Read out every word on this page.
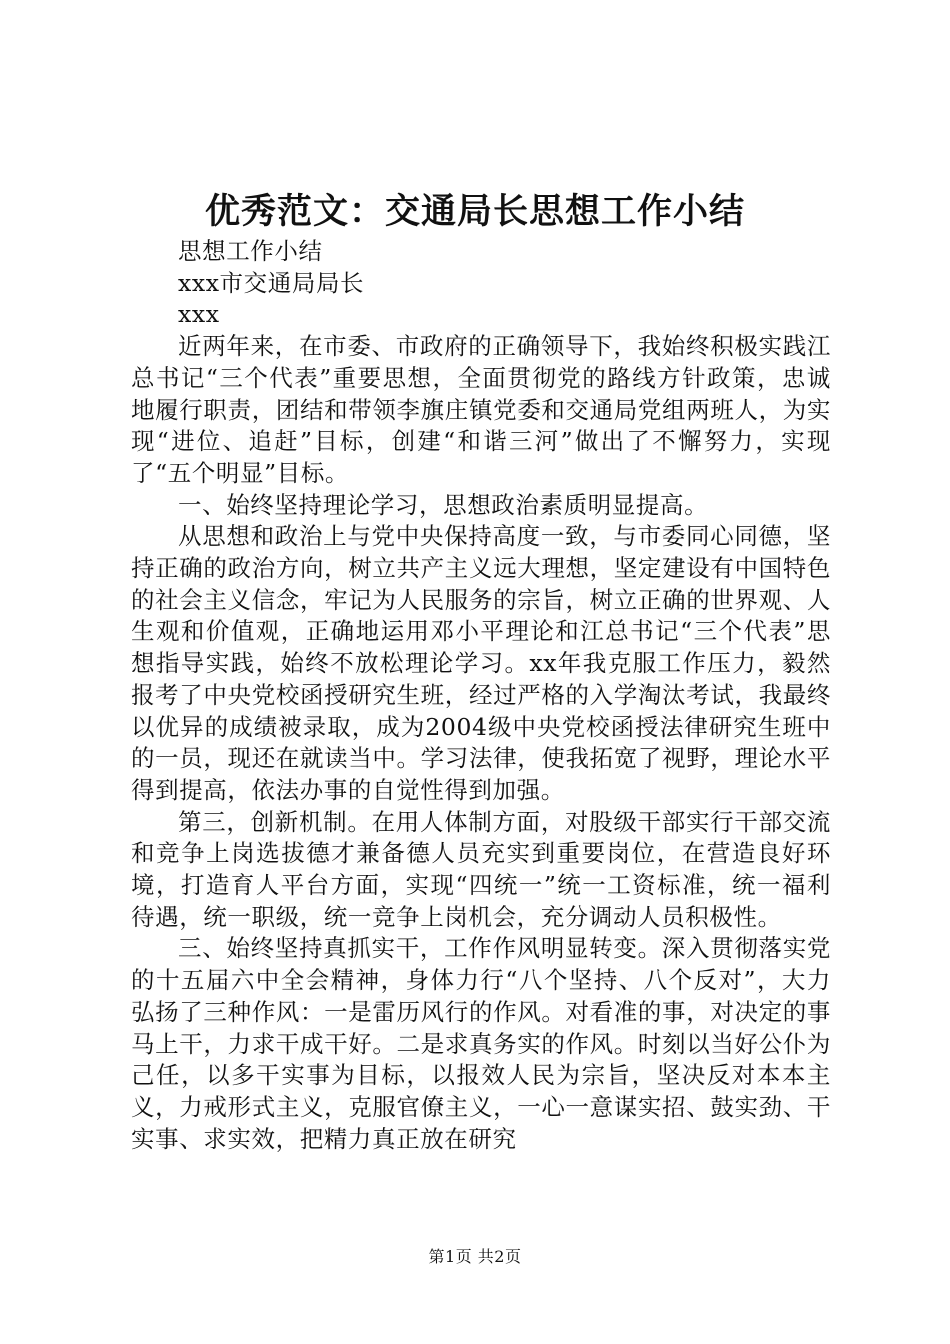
优秀范文：交通局长思想工作小结

思想工作小结

xxx市交通局局长

xxx

近两年来，在市委、市政府的正确领导下，我始终积极实践江总书记“三个代表”重要思想，全面贯彻党的路线方针政策，忠诚地履行职责，团结和带领李旗庄镇党委和交通局党组两班人，为实现“进位、追赶”目标，创建“和谐三河”做出了不懈努力，实现了“五个明显”目标。

一、始终坚持理论学习，思想政治素质明显提高。

从思想和政治上与党中央保持高度一致，与市委同心同德，坚持正确的政治方向，树立共产主义远大理想，坚定建设有中国特色的社会主义信念，牢记为人民服务的宗旨，树立正确的世界观、人生观和价值观，正确地运用邓小平理论和江总书记“三个代表”思想指导实践，始终不放松理论学习。xx年我克服工作压力，毅然报考了中央党校函授研究生班，经过严格的入学淘汰考试，我最终以优异的成绩被录取，成为2004级中央党校函授法律研究生班中的一员，现还在就读当中。学习法律，使我拓宽了视野，理论水平得到提高，依法办事的自觉性得到加强。

第三，创新机制。在用人体制方面，对股级干部实行干部交流和竞争上岗选拔德才兼备德人员充实到重要岗位，在营造良好环境，打造育人平台方面，实现“四统一”统一工资标准，统一福利待遇，统一职级，统一竞争上岗机会，充分调动人员积极性。

三、始终坚持真抓实干，工作作风明显转变。深入贯彻落实党的十五届六中全会精神，身体力行“八个坚持、八个反对”，大力弘扬了三种作风：一是雷历风行的作风。对看准的事，对决定的事马上干，力求干成干好。二是求真务实的作风。时刻以当好公仆为己任，以多干实事为目标，以报效人民为宗旨，坚决反对本本主义，力戒形式主义，克服官僚主义，一心一意谋实招、鼓实劲、干实事、求实效，把精力真正放在研究

第1页 共2页
